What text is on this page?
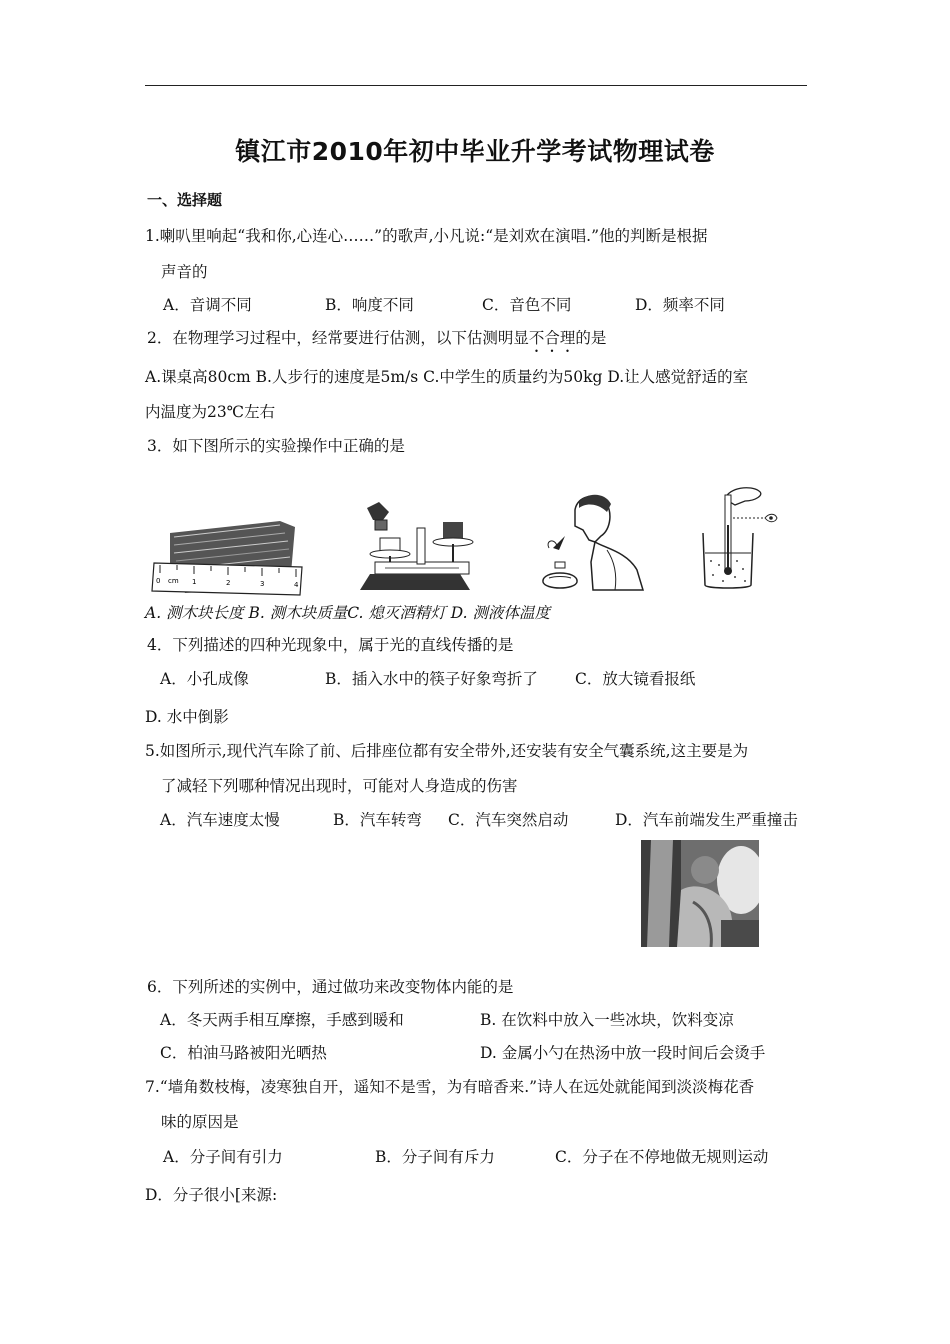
镇江市2010年初中毕业升学考试物理试卷
一、选择题
1.喇叭里响起“我和你,心连心……”的歌声,小凡说:“是刘欢在演唱.”他的判断是根据
声音的
A．音调不同	B．响度不同	C．音色不同	D．频率不同
2．在物理学习过程中，经常要进行估测，以下估测明显不合理的是
A.课桌高80cm B.人步行的速度是5m/s C.中学生的质量约为50kg D.让人感觉舒适的室
内温度为23℃左右
3．如下图所示的实验操作中正确的是
0 cm 1	2	3	4
A. 测木块长度 B. 测木块质量C. 熄灭酒精灯 D. 测液体温度
4．下列描述的四种光现象中，属于光的直线传播的是
A．小孔成像	B．插入水中的筷子好象弯折了 C．放大镜看报纸
D. 水中倒影
5.如图所示,现代汽车除了前、后排座位都有安全带外,还安装有安全气囊系统,这主要是为
了减轻下列哪种情况出现时，可能对人身造成的伤害
A．汽车速度太慢	B．汽车转弯 C．汽车突然启动	D．汽车前端发生严重撞击
6．下列所述的实例中，通过做功来改变物体内能的是
A．冬天两手相互摩擦，手感到暖和	B. 在饮料中放入一些冰块，饮料变凉
C．柏油马路被阳光晒热	D. 金属小勺在热汤中放一段时间后会烫手
7.“墙角数枝梅，凌寒独自开，遥知不是雪，为有暗香来.”诗人在远处就能闻到淡淡梅花香
味的原因是
A．分子间有引力	B．分子间有斥力	C．分子在不停地做无规则运动
D．分子很小[来源:
